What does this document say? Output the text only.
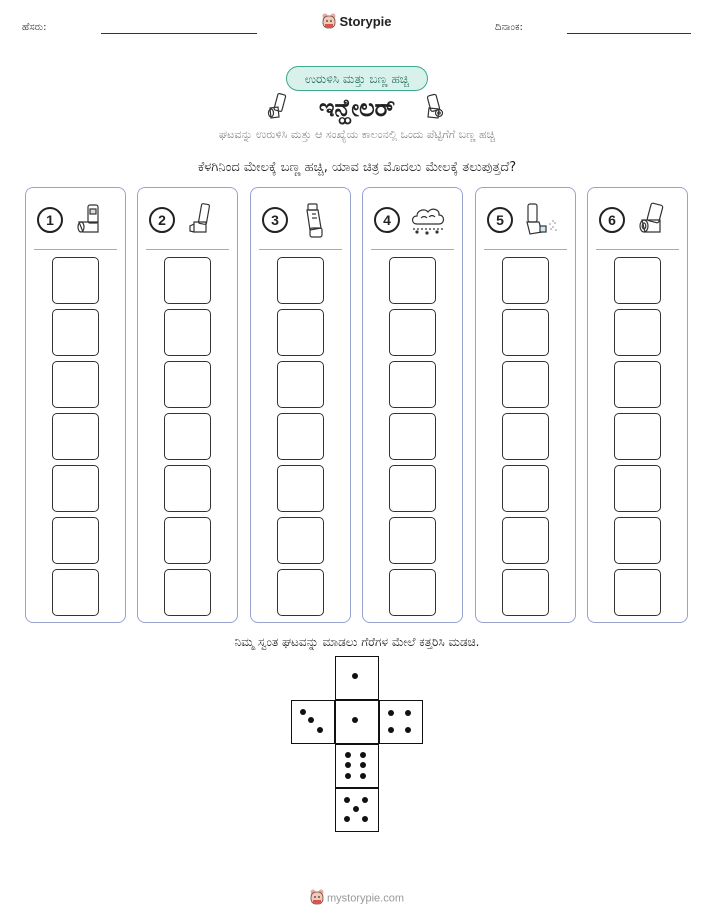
ಹೆಸರು:	ದಿನಾಂಕ:
Storypie
ಉರುಳಿಸಿ ಮತ್ತು ಬಣ್ಣ ಹಚ್ಚಿ
ಇನ್ಹೇಲರ್
ಘಟವನ್ನು ಉರುಳಿಸಿ ಮತ್ತು ಆ ಸಂಖ್ಯೆಯ ಕಾಲಂನಲ್ಲಿ ಒಂದು ಪೆಟ್ಟಿಗೆಗೆ ಬಣ್ಣ ಹಚ್ಚಿ
ಕೆಳಗಿನಿಂದ ಮೇಲಕ್ಕೆ ಬಣ್ಣ ಹಚ್ಚಿ, ಯಾವ ಚಿತ್ರ ಮೊದಲು ಮೇಲಕ್ಕೆ ತಲುಪುತ್ತದೆ?
1	2	3	4	5	6
ನಿಮ್ಮ ಸ್ವಂತ ಘಟವನ್ನು ಮಾಡಲು ಗೆರೆಗಳ ಮೇಲೆ ಕತ್ತರಿಸಿ ಮಡಚಿ.
mystorypie.com
